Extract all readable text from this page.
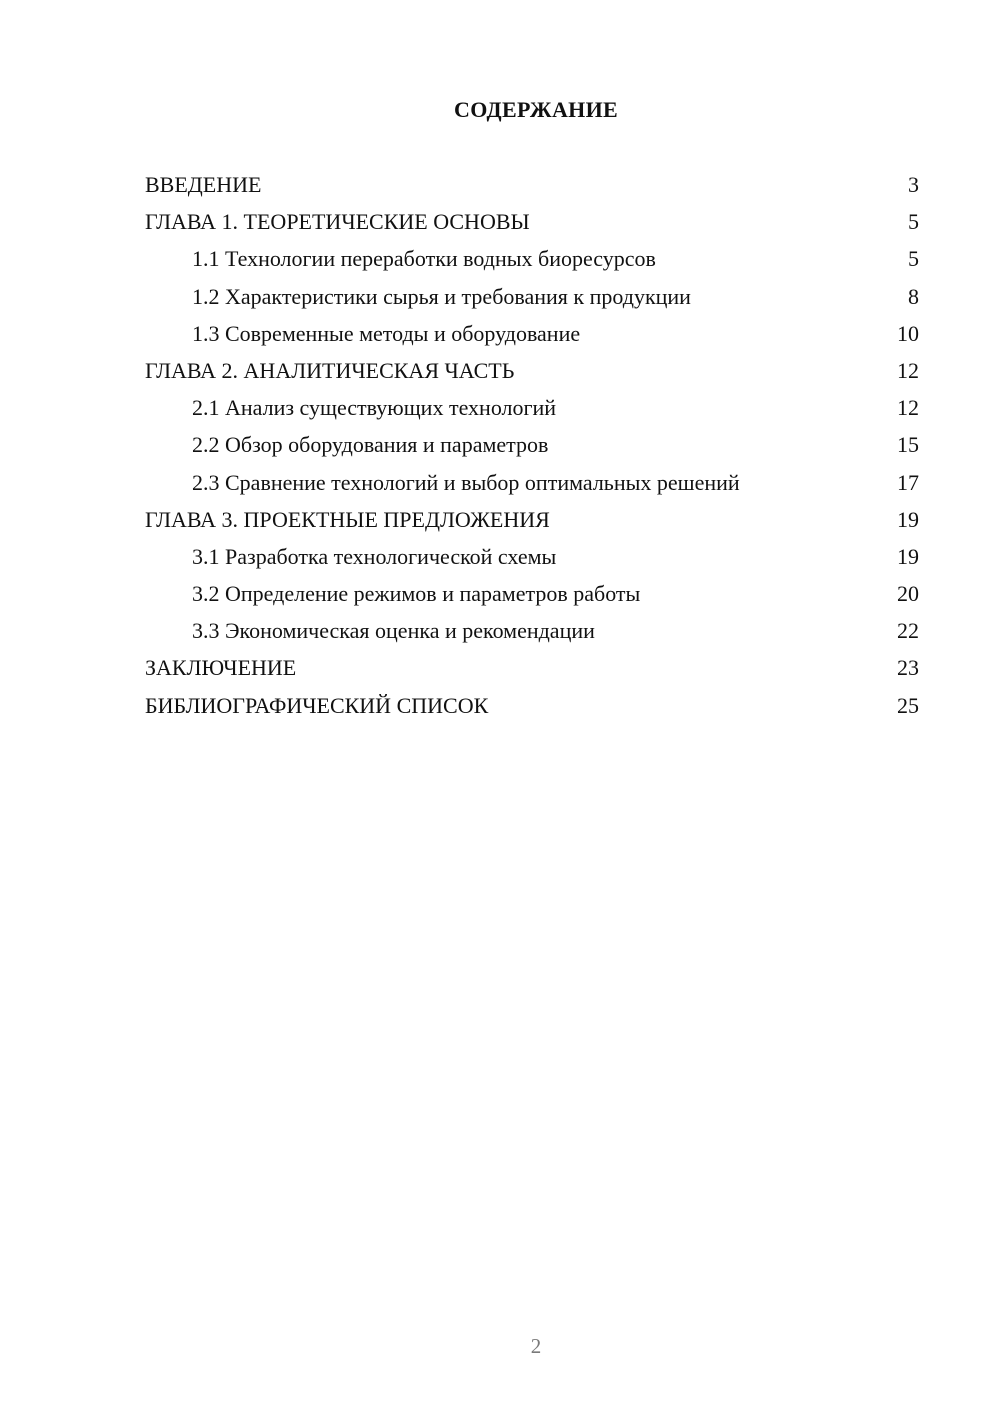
СОДЕРЖАНИЕ
ВВЕДЕНИЕ	3
ГЛАВА 1. ТЕОРЕТИЧЕСКИЕ ОСНОВЫ	5
1.1 Технологии переработки водных биоресурсов	5
1.2 Характеристики сырья и требования к продукции	8
1.3 Современные методы и оборудование	10
ГЛАВА 2. АНАЛИТИЧЕСКАЯ ЧАСТЬ	12
2.1 Анализ существующих технологий	12
2.2 Обзор оборудования и параметров	15
2.3 Сравнение технологий и выбор оптимальных решений	17
ГЛАВА 3. ПРОЕКТНЫЕ ПРЕДЛОЖЕНИЯ	19
3.1 Разработка технологической схемы	19
3.2 Определение режимов и параметров работы	20
3.3 Экономическая оценка и рекомендации	22
ЗАКЛЮЧЕНИЕ	23
БИБЛИОГРАФИЧЕСКИЙ СПИСОК	25
2
